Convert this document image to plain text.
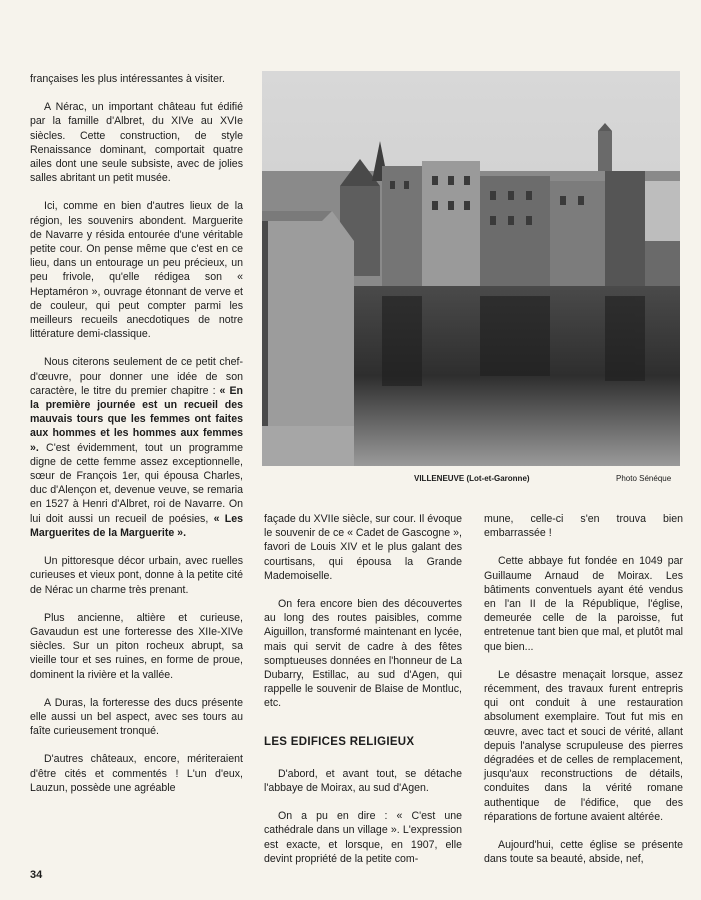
françaises les plus intéressantes à visiter.

A Nérac, un important château fut édifié par la famille d'Albret, du XIVe au XVIe siècles. Cette construction, de style Renaissance dominant, comportait quatre ailes dont une seule subsiste, avec de jolies salles abritant un petit musée.

Ici, comme en bien d'autres lieux de la région, les souvenirs abondent. Marguerite de Navarre y résida entourée d'une véritable petite cour. On pense même que c'est en ce lieu, dans un entourage un peu précieux, un peu frivole, qu'elle rédigea son « Heptaméron », ouvrage étonnant de verve et de couleur, qui peut compter parmi les meilleurs recueils anecdotiques de notre littérature demi-classique.

Nous citerons seulement de ce petit chef-d'œuvre, pour donner une idée de son caractère, le titre du premier chapitre : « En la première journée est un recueil des mauvais tours que les femmes ont faites aux hommes et les hommes aux femmes ». C'est évidemment, tout un programme digne de cette femme assez exceptionnelle, sœur de François 1er, qui épousa Charles, duc d'Alençon et, devenue veuve, se remaria en 1527 à Henri d'Albret, roi de Navarre. On lui doit aussi un recueil de poésies, « Les Marguerites de la Marguerite ».

Un pittoresque décor urbain, avec ruelles curieuses et vieux pont, donne à la petite cité de Nérac un charme très prenant.

Plus ancienne, altière et curieuse, Gavaudun est une forteresse des XIIe-XIVe siècles. Sur un piton rocheux abrupt, sa vieille tour et ses ruines, en forme de proue, dominent la rivière et la vallée.

A Duras, la forteresse des ducs présente elle aussi un bel aspect, avec ses tours au faîte curieusement tronqué.

D'autres châteaux, encore, mériteraient d'être cités et commentés ! L'un d'eux, Lauzun, possède une agréable

VILLENEUVE (Lot-et-Garonne)	Photo Sénéque

façade du XVIIe siècle, sur cour. Il évoque le souvenir de ce « Cadet de Gascogne », favori de Louis XIV et le plus galant des courtisans, qui épousa la Grande Mademoiselle.

On fera encore bien des découvertes au long des routes paisibles, comme Aiguillon, transformé maintenant en lycée, mais qui servit de cadre à des fêtes somptueuses données en l'honneur de La Dubarry, Estillac, au sud d'Agen, qui rappelle le souvenir de Blaise de Montluc, etc.

LES EDIFICES RELIGIEUX

D'abord, et avant tout, se détache l'abbaye de Moirax, au sud d'Agen.

On a pu en dire : « C'est une cathédrale dans un village ». L'expression est exacte, et lorsque, en 1907, elle devint propriété de la petite com-

mune, celle-ci s'en trouva bien embarrassée !

Cette abbaye fut fondée en 1049 par Guillaume Arnaud de Moirax. Les bâtiments conventuels ayant été vendus en l'an II de la République, l'église, demeurée celle de la paroisse, fut entretenue tant bien que mal, et plutôt mal que bien...

Le désastre menaçait lorsque, assez récemment, des travaux furent entrepris qui ont conduit à une restauration absolument exemplaire. Tout fut mis en œuvre, avec tact et souci de vérité, allant depuis l'analyse scrupuleuse des pierres dégradées et de celles de remplacement, jusqu'aux reconstructions de détails, conduites dans la vérité romane authentique de l'édifice, que des réparations de fortune avaient altérée.

Aujourd'hui, cette église se présente dans toute sa beauté, abside, nef,

34
